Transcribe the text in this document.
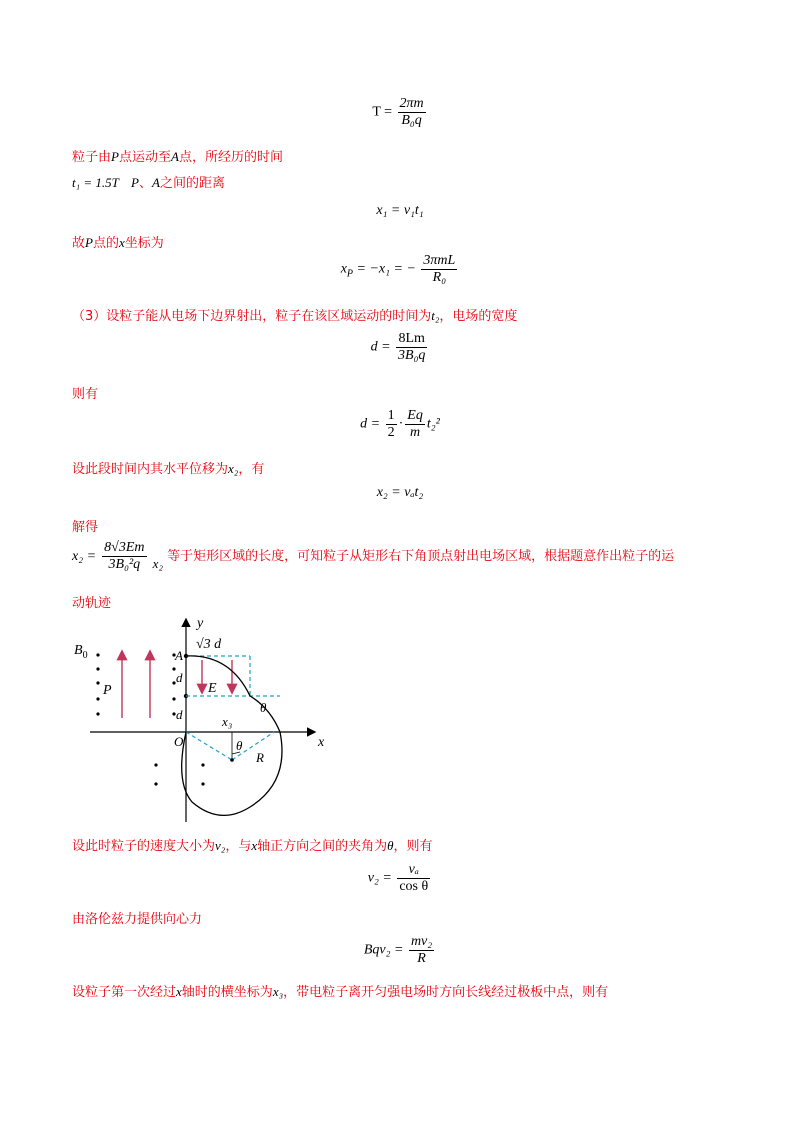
$T = \frac{2\pi m}{\text{B₀q}}$
粒子由P点运动至A点，所经历的时间
t₁ = 1.5T P、A之间的距离
x₁ = v₁t₁
故P点的x坐标为
$x_P = -x_1$ = − $\frac{\text{3πmL}}{\text{R₀}}$
（3）设粒子能从电场下边界射出，粒子在该区域运动的时间为t₂，电场的宽度
$d = \frac{8Lm}{\text{3B₀q}}$
则有
$d = \frac{1}{2} \cdot \frac{Eq}{m} t_2^2$
设此段时间内其水平位移为x₂，有
x₂ = vₐt₂
解得
$x_2 = \frac{8√3Em}{\text{3B₀²q}} x_2$ 等于矩形区域的长度，可知粒子从矩形右下角顶点射出电场区域，根据题意作出粒子的运
动轨迹
x
y
O
$B_0$
P
A
d
d
√3 d
E
θ
θ
x₃
R
设此时粒子的速度大小为v₂，与x轴正方向之间的夹角为θ，则有
$v_2 = \frac{\text{vₐ}}{\text{cos θ}}$
由洛伦兹力提供向心力
$Bqv_2 = \frac{\text{mv₂}}{R}$
设粒子第一次经过x轴时的横坐标为x₃，带电粒子离开匀强电场时方向长线经过极板中点，则有
